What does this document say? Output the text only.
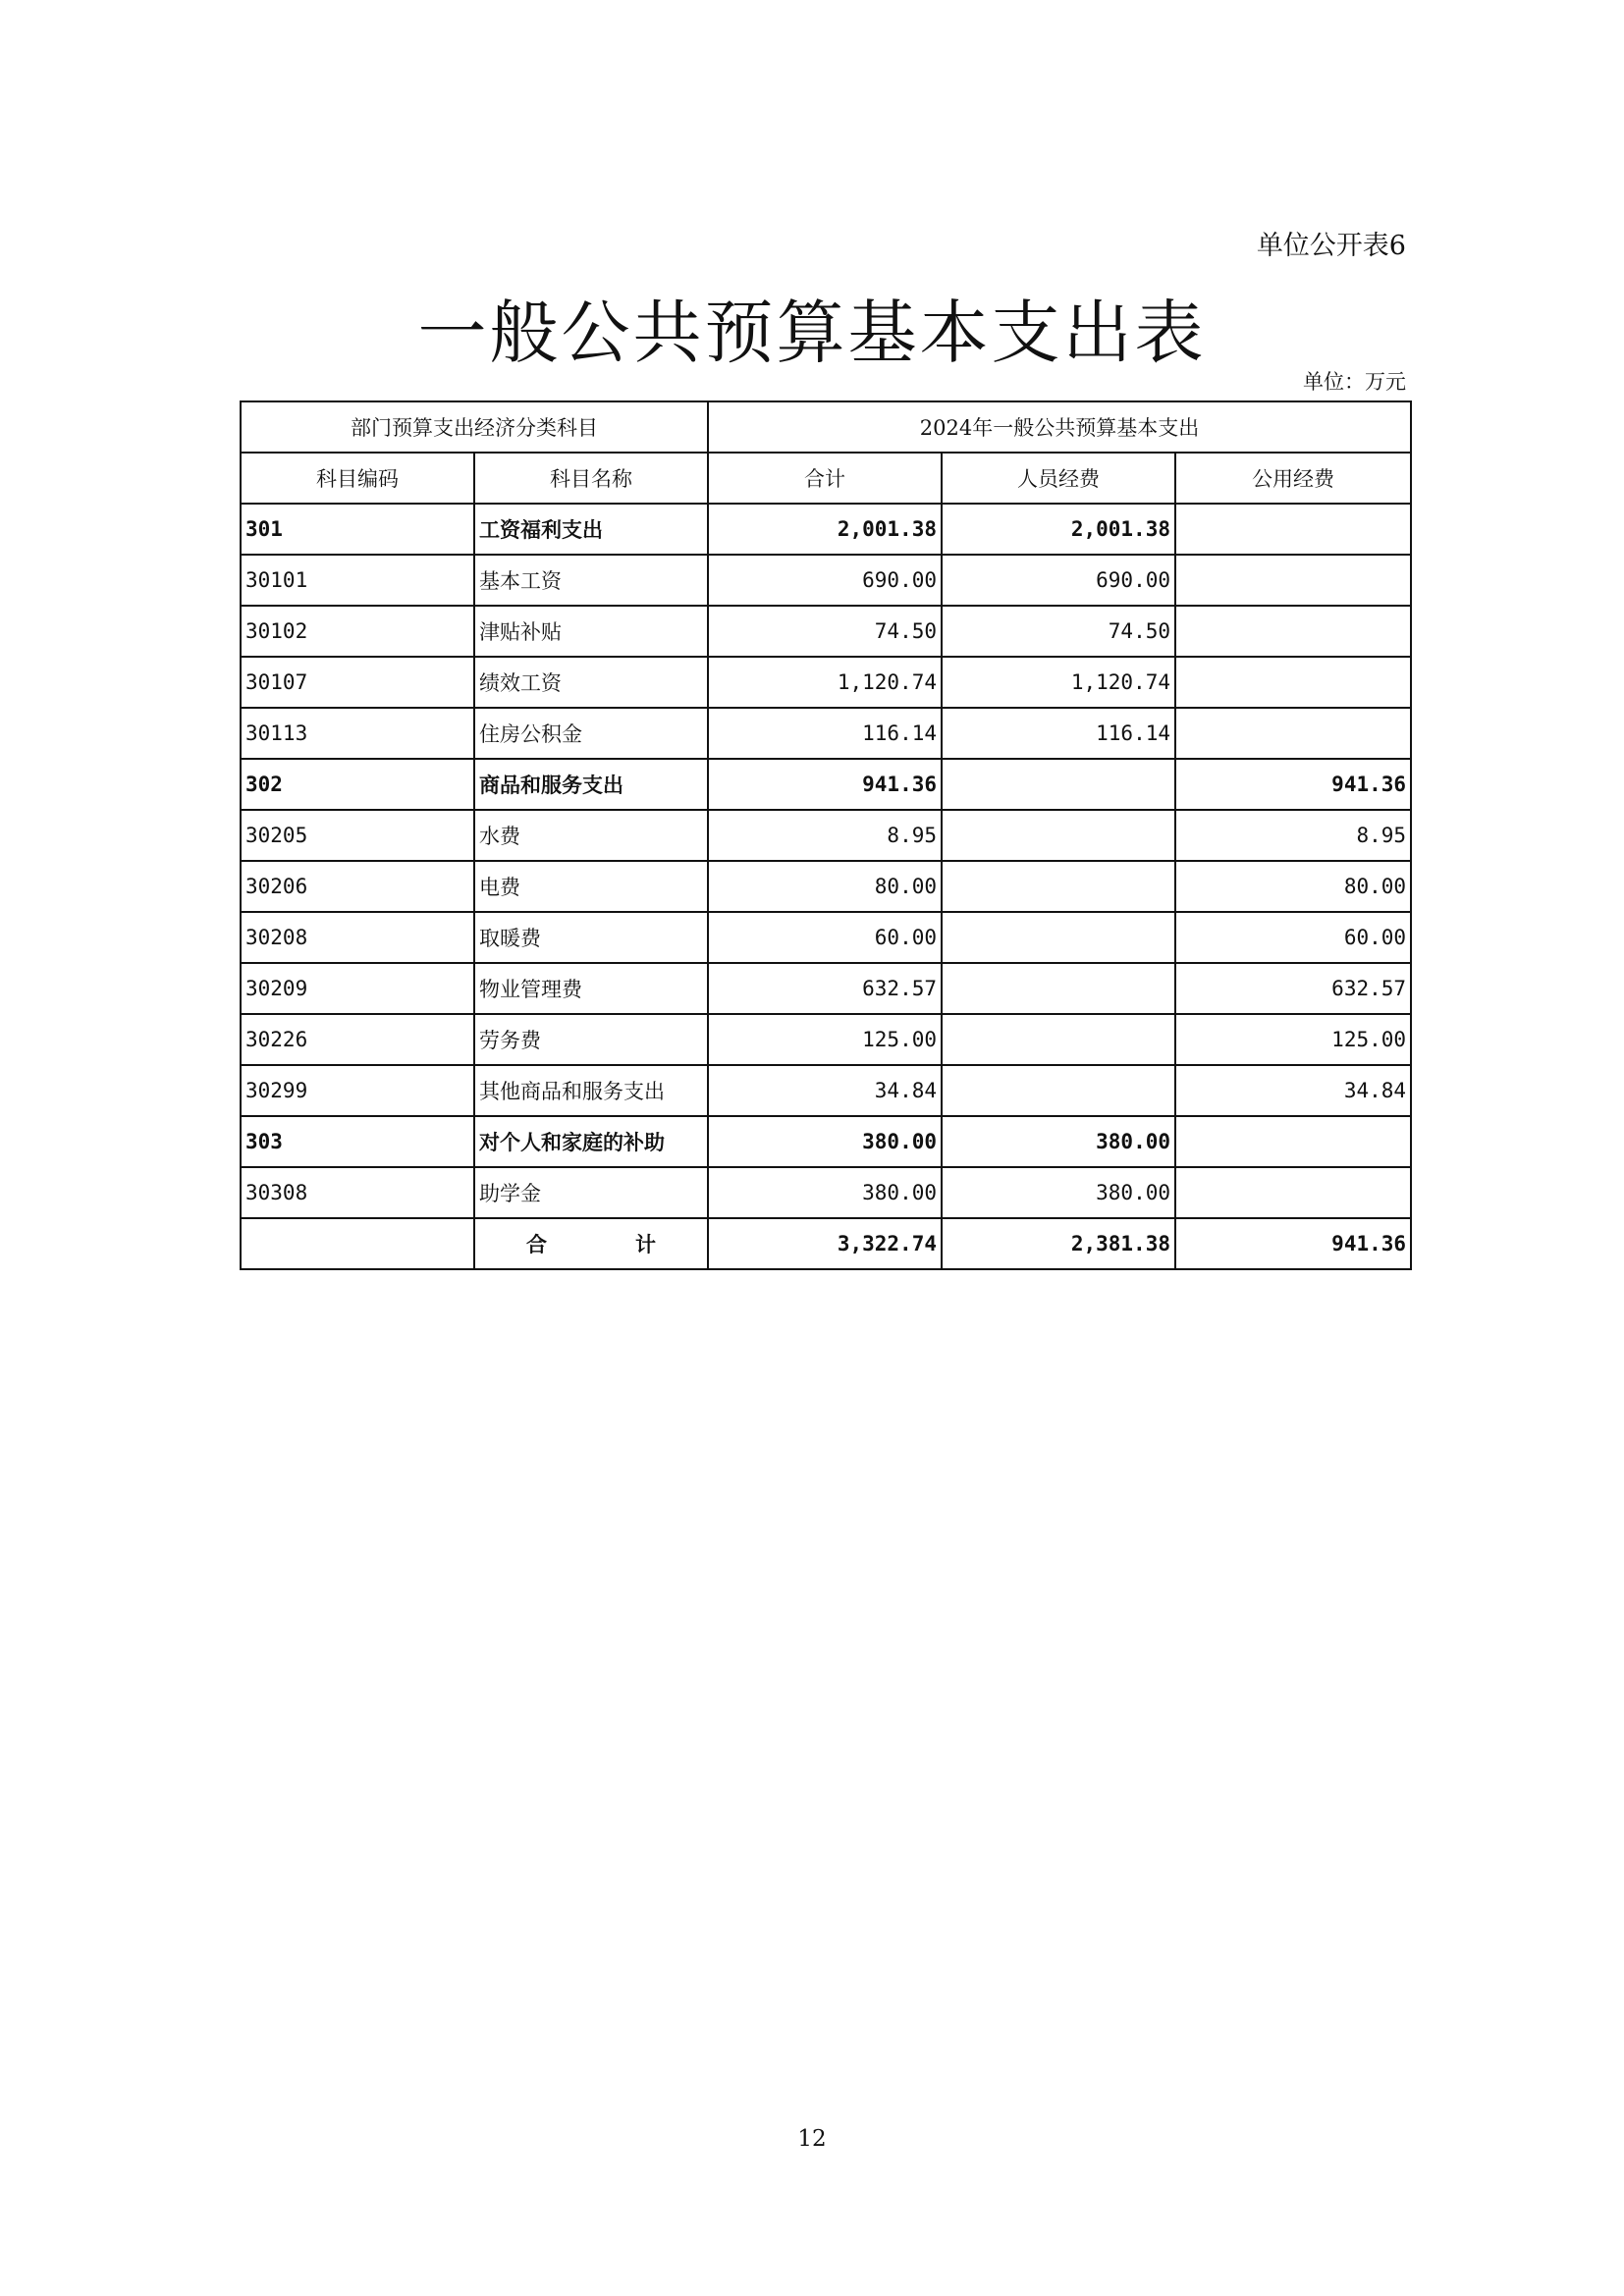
单位公开表6
一般公共预算基本支出表
单位：万元
部门预算支出经济分类科目		2024年一般公共预算基本支出		
科目编码	科目名称	合计	人员经费	公用经费
301	工资福利支出	2,001.38	2,001.38	
30101	基本工资	690.00	690.00	
30102	津贴补贴	74.50	74.50	
30107	绩效工资	1,120.74	1,120.74	
30113	住房公积金	116.14	116.14	
302	商品和服务支出	941.36		941.36
30205	水费	8.95		8.95
30206	电费	80.00		80.00
30208	取暖费	60.00		60.00
30209	物业管理费	632.57		632.57
30226	劳务费	125.00		125.00
30299	其他商品和服务支出	34.84		34.84
303	对个人和家庭的补助	380.00	380.00	
30308	助学金	380.00	380.00	
	合 计	3,322.74	2,381.38	941.36
12
